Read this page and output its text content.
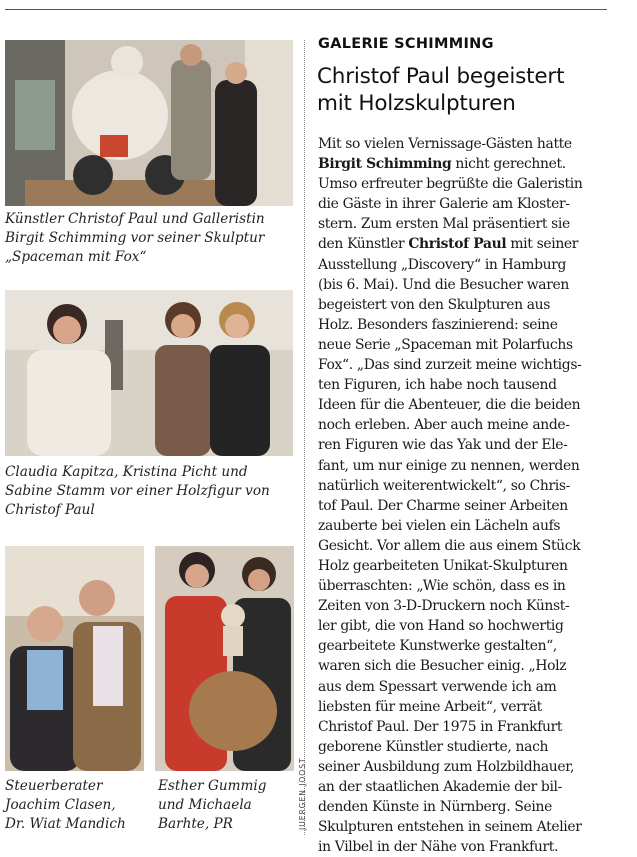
Künstler Christof Paul und Galleristin
Birgit Schimming vor seiner Skulptur
„Spaceman mit Fox“

Claudia Kapitza, Kristina Picht und
Sabine Stamm vor einer Holzfigur von
Christof Paul

Steuerberater
Joachim Clasen,
Dr. Wiat Mandich

Esther Gummig
und Michaela
Barhte, PR	JUERGEN JOOST
GALERIE SCHIMMING
Christof Paul begeistert
mit Holzskulpturen
Mit so vielen Vernissage-Gästen hatte
Birgit Schimming nicht gerechnet.
Umso erfreuter begrüßte die Galeristin
die Gäste in ihrer Galerie am Kloster-
stern. Zum ersten Mal präsentiert sie
den Künstler Christof Paul mit seiner
Ausstellung „Discovery“ in Hamburg
(bis 6. Mai). Und die Besucher waren
begeistert von den Skulpturen aus
Holz. Besonders faszinierend: seine
neue Serie „Spaceman mit Polarfuchs
Fox“. „Das sind zurzeit meine wichtigs-
ten Figuren, ich habe noch tausend
Ideen für die Abenteuer, die die beiden
noch erleben. Aber auch meine ande-
ren Figuren wie das Yak und der Ele-
fant, um nur einige zu nennen, werden
natürlich weiterentwickelt“, so Chris-
tof Paul. Der Charme seiner Arbeiten
zauberte bei vielen ein Lächeln aufs
Gesicht. Vor allem die aus einem Stück
Holz gearbeiteten Unikat-Skulpturen
überraschten: „Wie schön, dass es in
Zeiten von 3-D-Druckern noch Künst-
ler gibt, die von Hand so hochwertig
gearbeitete Kunstwerke gestalten“,
waren sich die Besucher einig. „Holz
aus dem Spessart verwende ich am
liebsten für meine Arbeit“, verrät
Christof Paul. Der 1975 in Frankfurt
geborene Künstler studierte, nach
seiner Ausbildung zum Holzbildhauer,
an der staatlichen Akademie der bil-
denden Künste in Nürnberg. Seine
Skulpturen entstehen in seinem Atelier
in Vilbel in der Nähe von Frankfurt.
